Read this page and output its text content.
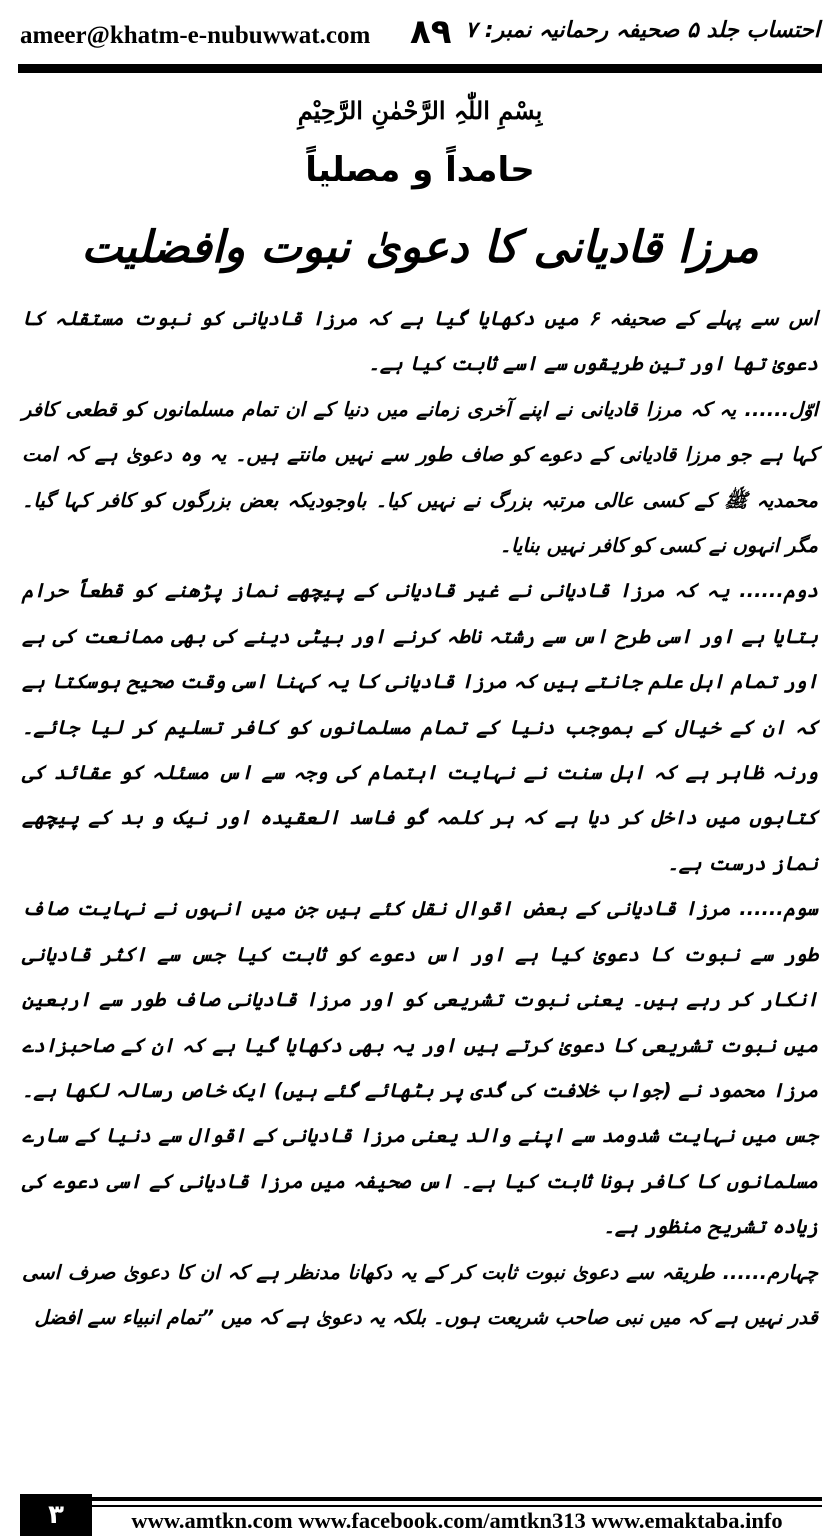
ameer@khatm-e-nubuwwat.com ۸۹ احتساب جلد ۵ صحیفہ رحمانیہ نمبر: ۷
بِسْمِ اللّٰہِ الرَّحْمٰنِ الرَّحِیْمِ
حامداً و مصلیاً
مرزا قادیانی کا دعویٰ نبوت وافضلیت

اس سے پہلے کے صحیفہ ۶ میں دکھایا گیا ہے کہ مرزا قادیانی کو نبوت مستقلہ کا دعویٰ تھا اور تین طریقوں سے اسے ثابت کیا ہے۔

اوّل...... یہ کہ مرزا قادیانی نے اپنے آخری زمانے میں دنیا کے ان تمام مسلمانوں کو قطعی کافر کہا ہے جو مرزا قادیانی کے دعوے کو صاف طور سے نہیں مانتے ہیں۔ یہ وہ دعویٰ ہے کہ امت محمدیہ ﷺ کے کسی عالی مرتبہ بزرگ نے نہیں کیا۔ باوجودیکہ بعض بزرگوں کو کافر کہا گیا۔ مگر انہوں نے کسی کو کافر نہیں بنایا۔

دوم...... یہ کہ مرزا قادیانی نے غیر قادیانی کے پیچھے نماز پڑھنے کو قطعاً حرام بتایا ہے اور اسی طرح اس سے رشتہ ناطہ کرنے اور بیٹی دینے کی بھی ممانعت کی ہے اور تمام اہل علم جانتے ہیں کہ مرزا قادیانی کا یہ کہنا اسی وقت صحیح ہوسکتا ہے کہ ان کے خیال کے بموجب دنیا کے تمام مسلمانوں کو کافر تسلیم کر لیا جائے۔ ورنہ ظاہر ہے کہ اہل سنت نے نہایت اہتمام کی وجہ سے اس مسئلہ کو عقائد کی کتابوں میں داخل کر دیا ہے کہ ہر کلمہ گو فاسد العقیدہ اور نیک و بد کے پیچھے نماز درست ہے۔

سوم...... مرزا قادیانی کے بعض اقوال نقل کئے ہیں جن میں انہوں نے نہایت صاف طور سے نبوت کا دعویٰ کیا ہے اور اس دعوے کو ثابت کیا جس سے اکثر قادیانی انکار کر رہے ہیں۔ یعنی نبوت تشریعی کو اور مرزا قادیانی صاف طور سے اربعین میں نبوت تشریعی کا دعویٰ کرتے ہیں اور یہ بھی دکھایا گیا ہے کہ ان کے صاحبزادے مرزا محمود نے (جواب خلافت کی گدی پر بٹھائے گئے ہیں) ایک خاص رسالہ لکھا ہے۔ جس میں نہایت شدومد سے اپنے والد یعنی مرزا قادیانی کے اقوال سے دنیا کے سارے مسلمانوں کا کافر ہونا ثابت کیا ہے۔ اس صحیفہ میں مرزا قادیانی کے اسی دعوے کی زیادہ تشریح منظور ہے۔

چہارم...... طریقہ سے دعویٰ نبوت ثابت کر کے یہ دکھانا مدنظر ہے کہ ان کا دعویٰ صرف اسی قدر نہیں ہے کہ میں نبی صاحب شریعت ہوں۔ بلکہ یہ دعویٰ ہے کہ میں ”تمام انبیاء سے افضل

۳	www.amtkn.com www.facebook.com/amtkn313 www.emaktaba.info
